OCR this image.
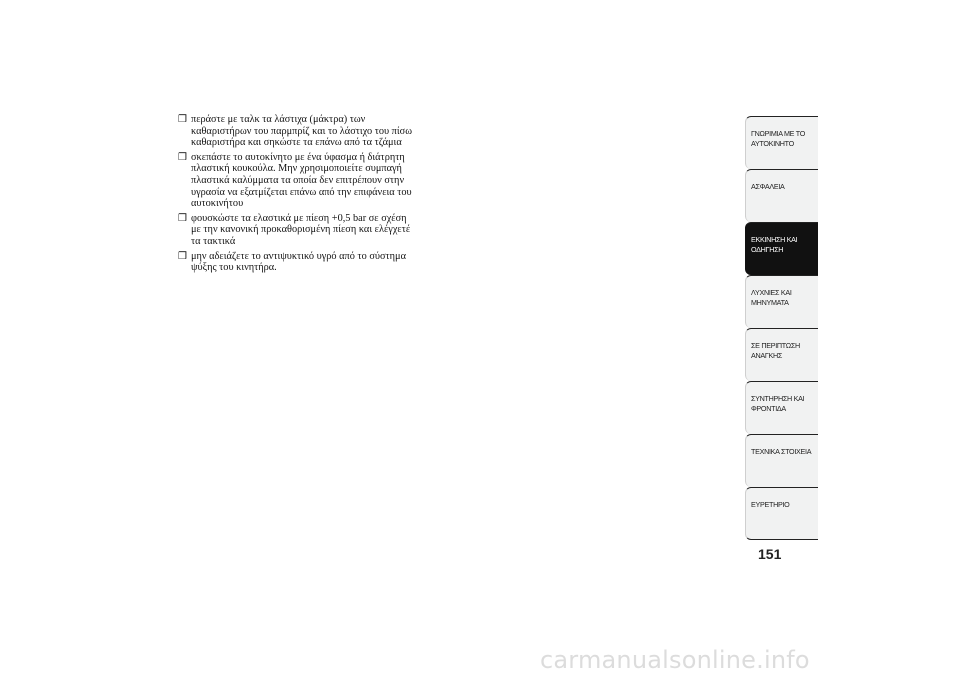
❒ περάστε με ταλκ τα λάστιχα (μάκτρα) των
καθαριστήρων του παρμπρίζ και το λάστιχο του πίσω
καθαριστήρα και σηκώστε τα επάνω από τα τζάμια
❒ σκεπάστε το αυτοκίνητο με ένα ύφασμα ή διάτρητη
πλαστική κουκούλα. Μην χρησιμοποιείτε συμπαγή
πλαστικά καλύμματα τα οποία δεν επιτρέπουν στην
υγρασία να εξατμίζεται επάνω από την επιφάνεια του
αυτοκινήτου
❒ φουσκώστε τα ελαστικά με πίεση +0,5 bar σε σχέση
με την κανονική προκαθορισμένη πίεση και ελέγχετέ
τα τακτικά
❒ μην αδειάζετε το αντιψυκτικό υγρό από το σύστημα
ψύξης του κινητήρα.
ΓΝΩΡΙΜΙΑ ΜΕ ΤΟ
ΑΥΤΟΚΙΝΗΤΟ
ΑΣΦΑΛΕΙΑ
ΕΚΚΙΝΗΣΗ ΚΑΙ
ΟΔΗΓΗΣΗ
ΛΥΧΝΙΕΣ ΚΑΙ
ΜΗΝΥΜΑΤΑ
ΣΕ ΠΕΡΙΠΤΩΣΗ
ΑΝΑΓΚΗΣ
ΣΥΝΤΗΡΗΣΗ ΚΑΙ
ΦΡΟΝΤΙΔΑ
ΤΕΧΝΙΚΑ ΣΤΟΙΧΕΙΑ
ΕΥΡΕΤΗΡΙΟ
151
carmanualsonline.info
